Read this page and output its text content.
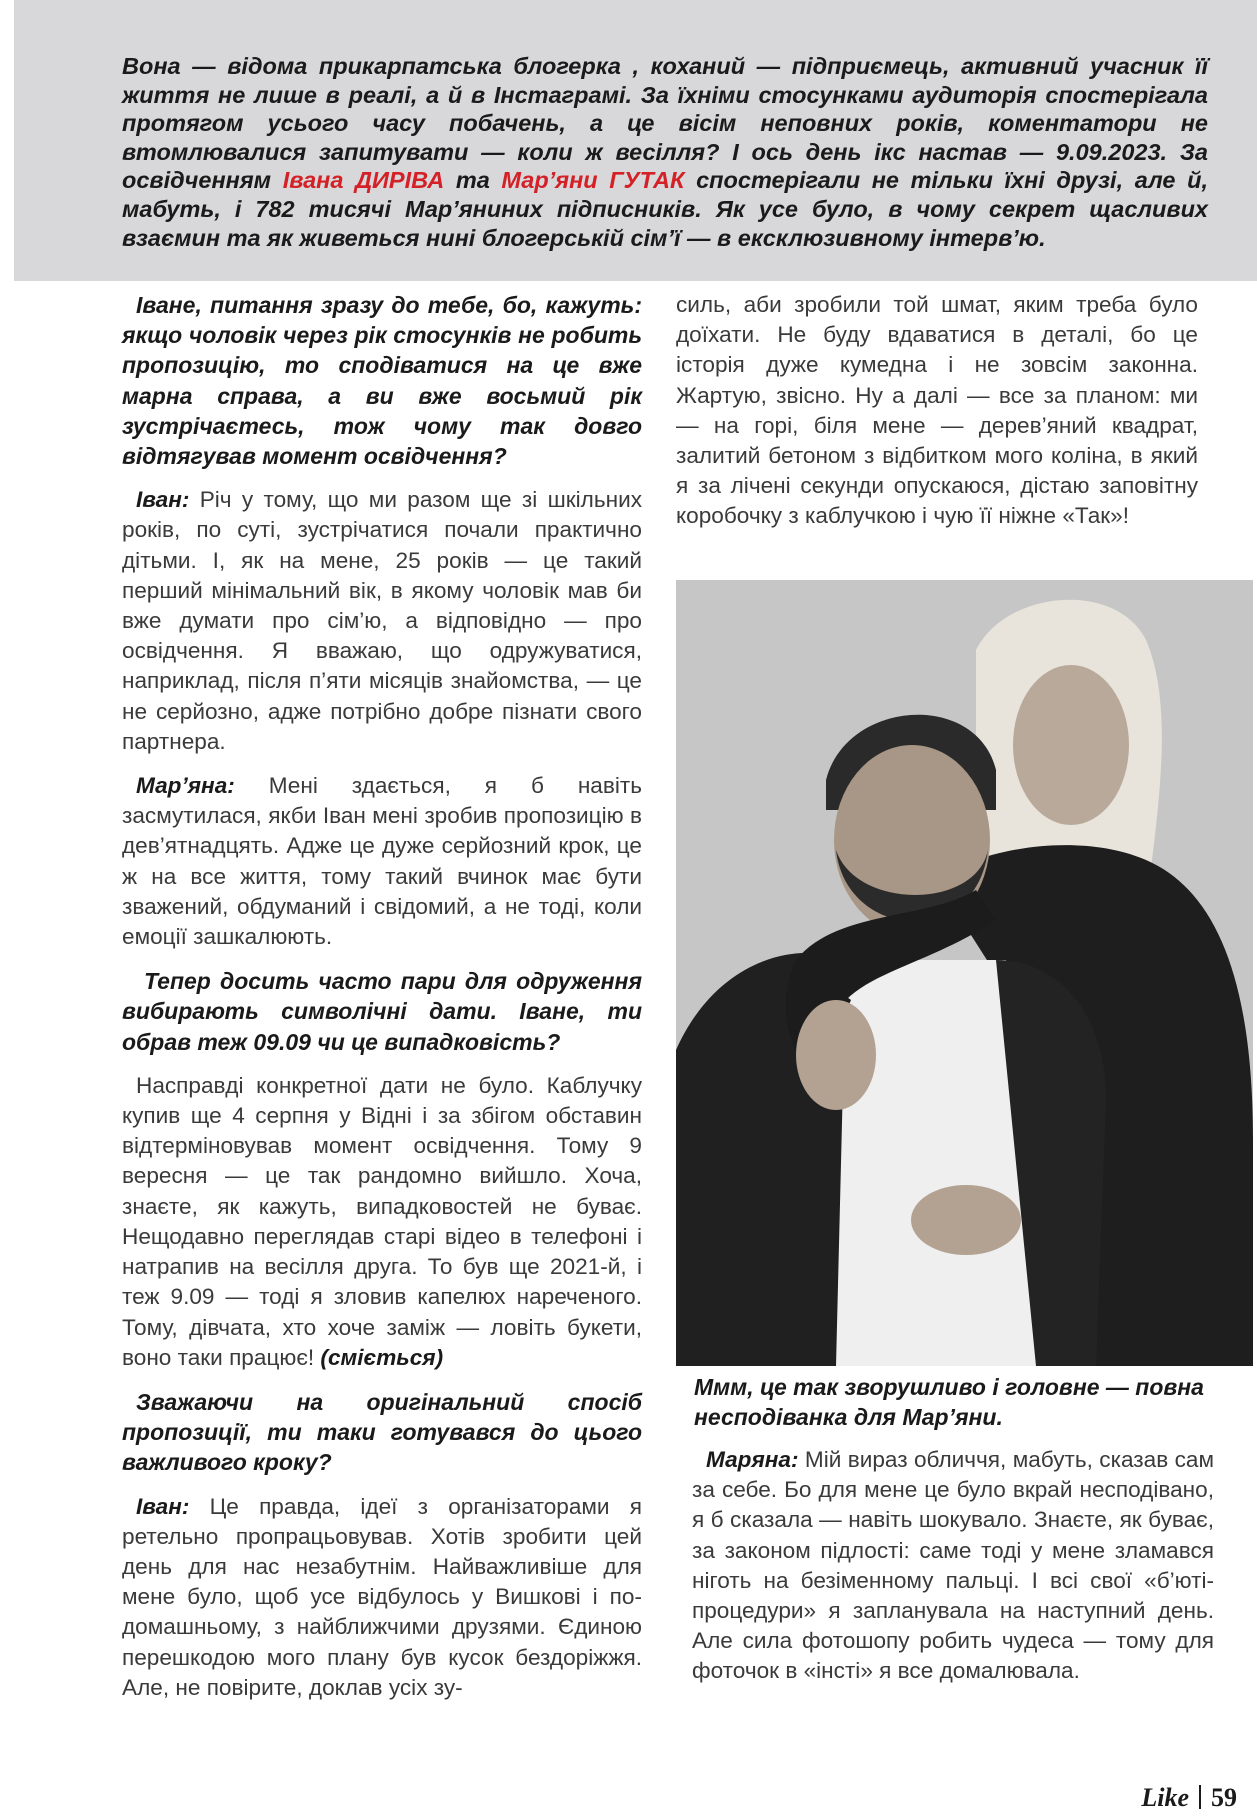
Вона — відома прикарпатська блогерка , коханий — підприємець, активний учасник її життя не лише в реалі, а й в Інстаграмі. За їхніми стосунками аудиторія спостерігала протягом усього часу побачень, а це вісім неповних років, коментатори не втомлювалися запитувати — коли ж весілля? І ось день ікс настав — 9.09.2023. За освідченням Івана ДИРІВА та Мар’яни ГУТАК спостерігали не тільки їхні друзі, але й, мабуть, і 782 тисячі Мар’яниних підписників. Як усе було, в чому секрет щасливих взаємин та як живеться нині блогерській сім’ї — в ексклюзивному інтерв’ю.

Іване, питання зразу до тебе, бо, кажуть: якщо чоловік через рік стосунків не робить пропозицію, то сподіватися на це вже марна справа, а ви вже восьмий рік зустрічаєтесь, тож чому так довго відтягував момент освідчення?

Іван: Річ у тому, що ми разом ще зі шкільних років, по суті, зустрічатися почали практично дітьми. І, як на мене, 25 років — це такий перший мінімальний вік, в якому чоловік мав би вже думати про сім’ю, а відповідно — про освідчення. Я вважаю, що одружуватися, наприклад, після п’яти місяців знайомства, — це не серйозно, адже потрібно добре пізнати свого партнера.

Мар’яна: Мені здається, я б навіть засмутилася, якби Іван мені зробив пропозицію в дев’ятнадцять. Адже це дуже серйозний крок, це ж на все життя, тому такий вчинок має бути зважений, обдуманий і свідомий, а не тоді, коли емоції зашкалюють.

Тепер досить часто пари для одруження вибирають символічні дати. Іване, ти обрав теж 09.09 чи це випадковість?

Насправді конкретної дати не було. Каблучку купив ще 4 серпня у Відні і за збігом обставин відтерміновував момент освідчення. Тому 9 вересня — це так рандомно вийшло. Хоча, знаєте, як кажуть, випадковостей не буває. Нещодавно переглядав старі відео в телефоні і натрапив на весілля друга. То був ще 2021-й, і теж 9.09 — тоді я зловив капелюх нареченого. Тому, дівчата, хто хоче заміж — ловіть букети, воно таки працює! (сміється)

Зважаючи на оригінальний спосіб пропозиції, ти таки готувався до цього важливого кроку?

Іван: Це правда, ідеї з організаторами я ретельно пропрацьовував. Хотів зробити цей день для нас незабутнім. Найважливіше для мене було, щоб усе відбулось у Вишкові і по-домашньому, з найближчими друзями. Єдиною перешкодою мого плану був кусок бездоріжжя. Але, не повірите, доклав усіх зу-

силь, аби зробили той шмат, яким треба було доїхати. Не буду вдаватися в деталі, бо це історія дуже кумедна і не зовсім законна. Жартую, звісно. Ну а далі — все за планом: ми — на горі, біля мене — дерев’яний квадрат, залитий бетоном з відбитком мого коліна, в який я за лічені секунди опускаюся, дістаю заповітну коробочку з каблучкою і чую її ніжне «Так»!

Ммм, це так зворушливо і головне — повна несподіванка для Мар’яни.

Маряна: Мій вираз обличчя, мабуть, сказав сам за себе. Бо для мене це було вкрай несподівано, я б сказала — навіть шокувало. Знаєте, як буває, за законом підлості: саме тоді у мене зламався ніготь на безіменному пальці. І всі свої «б’юті-процедури» я запланувала на наступний день. Але сила фотошопу робить чудеса — тому для фоточок в «інсті» я все домалювала.

Like 59
